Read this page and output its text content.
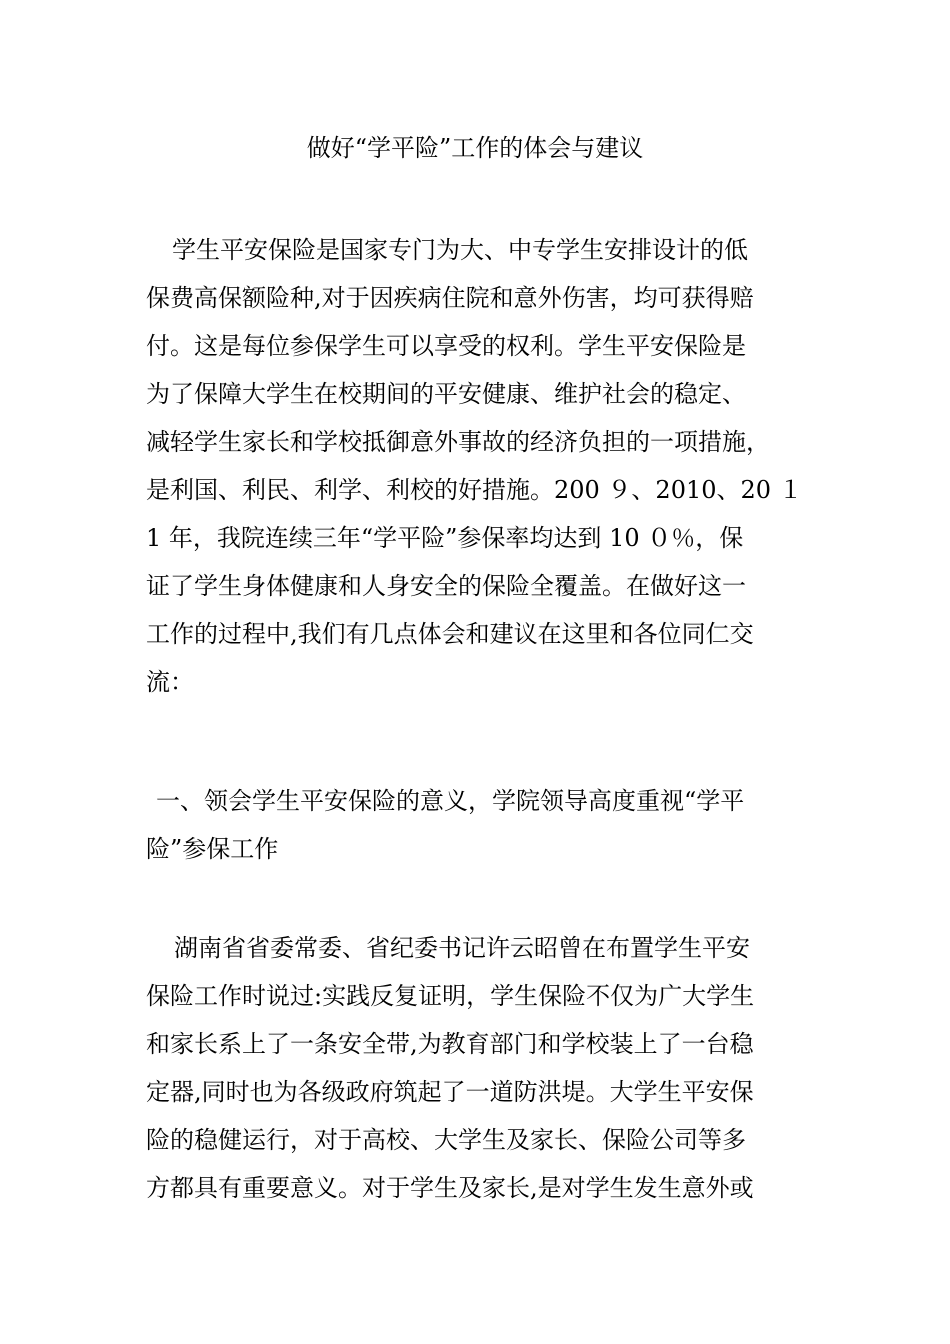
做好“学平险”工作的体会与建议
学生平安保险是国家专门为大、中专学生安排设计的低
保费高保额险种,对于因疾病住院和意外伤害，均可获得赔
付。这是每位参保学生可以享受的权利。学生平安保险是
为了保障大学生在校期间的平安健康、维护社会的稳定、
减轻学生家长和学校抵御意外事故的经济负担的一项措施，
是利国、利民、利学、利校的好措施。200 ９、2010、20 １
1 年，我院连续三年“学平险”参保率均达到 10 ０％，保
证了学生身体健康和人身安全的保险全覆盖。在做好这一
工作的过程中,我们有几点体会和建议在这里和各位同仁交
流：
一、领会学生平安保险的意义，学院领导高度重视“学平
险”参保工作
湖南省省委常委、省纪委书记许云昭曾在布置学生平安
保险工作时说过:实践反复证明，学生保险不仅为广大学生
和家长系上了一条安全带,为教育部门和学校装上了一台稳
定器,同时也为各级政府筑起了一道防洪堤。大学生平安保
险的稳健运行，对于高校、大学生及家长、保险公司等多
方都具有重要意义。对于学生及家长,是对学生发生意外或
